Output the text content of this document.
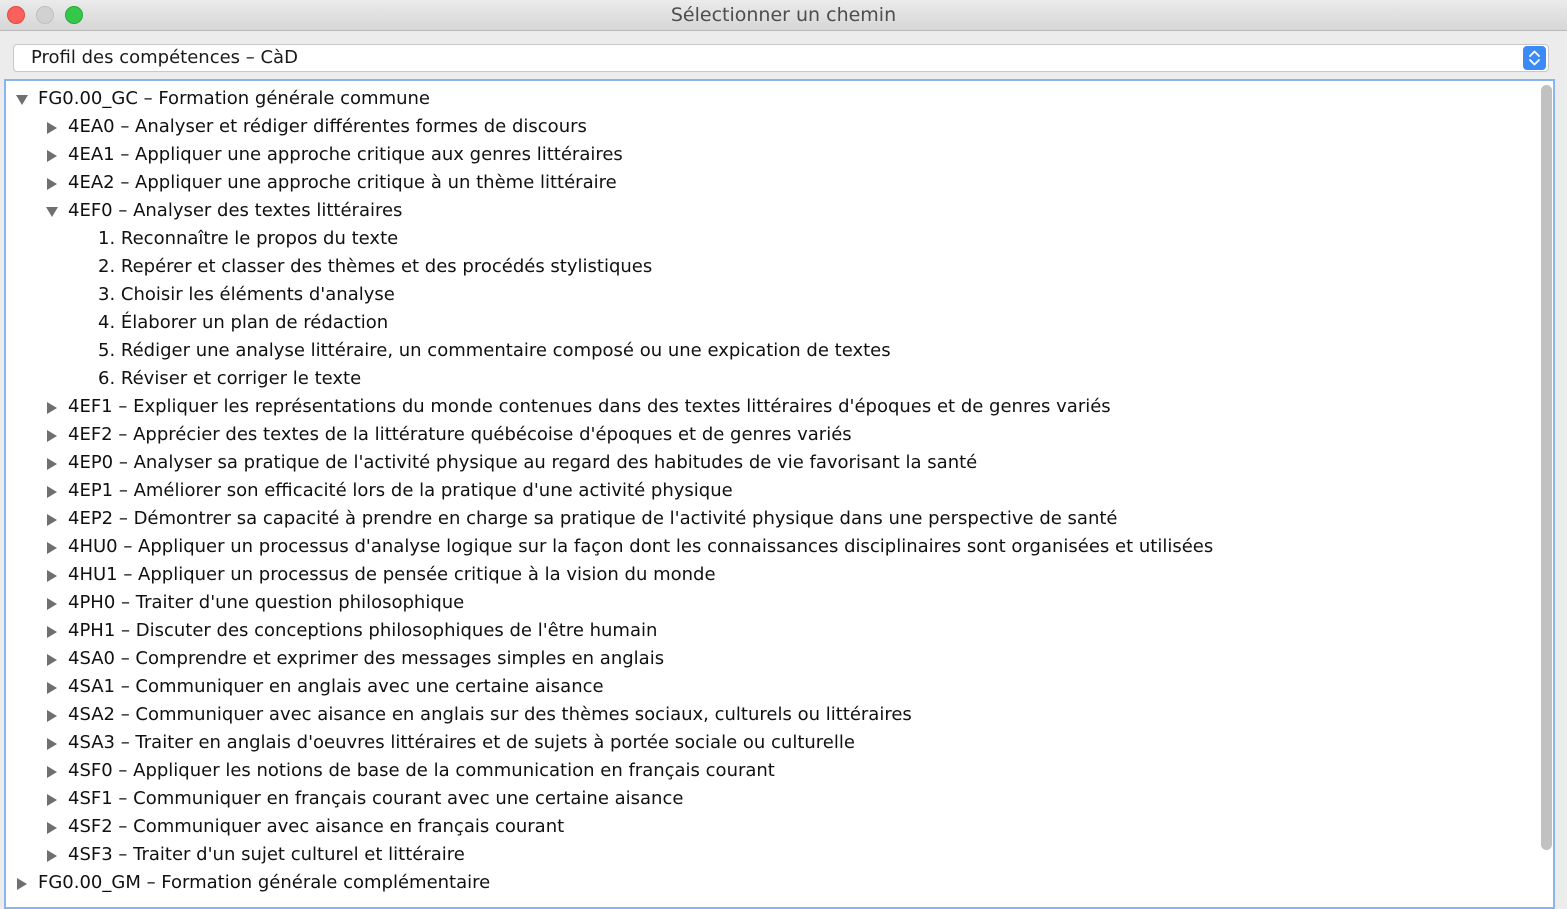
Sélectionner un chemin
Profil des compétences – CàD
FG0.00_GC – Formation générale commune
4EA0 – Analyser et rédiger différentes formes de discours
4EA1 – Appliquer une approche critique aux genres littéraires
4EA2 – Appliquer une approche critique à un thème littéraire
4EF0 – Analyser des textes littéraires
1. Reconnaître le propos du texte
2. Repérer et classer des thèmes et des procédés stylistiques
3. Choisir les éléments d'analyse
4. Élaborer un plan de rédaction
5. Rédiger une analyse littéraire, un commentaire composé ou une expication de textes
6. Réviser et corriger le texte
4EF1 – Expliquer les représentations du monde contenues dans des textes littéraires d'époques et de genres variés
4EF2 – Apprécier des textes de la littérature québécoise d'époques et de genres variés
4EP0 – Analyser sa pratique de l'activité physique au regard des habitudes de vie favorisant la santé
4EP1 – Améliorer son efficacité lors de la pratique d'une activité physique
4EP2 – Démontrer sa capacité à prendre en charge sa pratique de l'activité physique dans une perspective de santé
4HU0 – Appliquer un processus d'analyse logique sur la façon dont les connaissances disciplinaires sont organisées et utilisées
4HU1 – Appliquer un processus de pensée critique à la vision du monde
4PH0 – Traiter d'une question philosophique
4PH1 – Discuter des conceptions philosophiques de l'être humain
4SA0 – Comprendre et exprimer des messages simples en anglais
4SA1 – Communiquer en anglais avec une certaine aisance
4SA2 – Communiquer avec aisance en anglais sur des thèmes sociaux, culturels ou littéraires
4SA3 – Traiter en anglais d'oeuvres littéraires et de sujets à portée sociale ou culturelle
4SF0 – Appliquer les notions de base de la communication en français courant
4SF1 – Communiquer en français courant avec une certaine aisance
4SF2 – Communiquer avec aisance en français courant
4SF3 – Traiter d'un sujet culturel et littéraire
FG0.00_GM – Formation générale complémentaire
